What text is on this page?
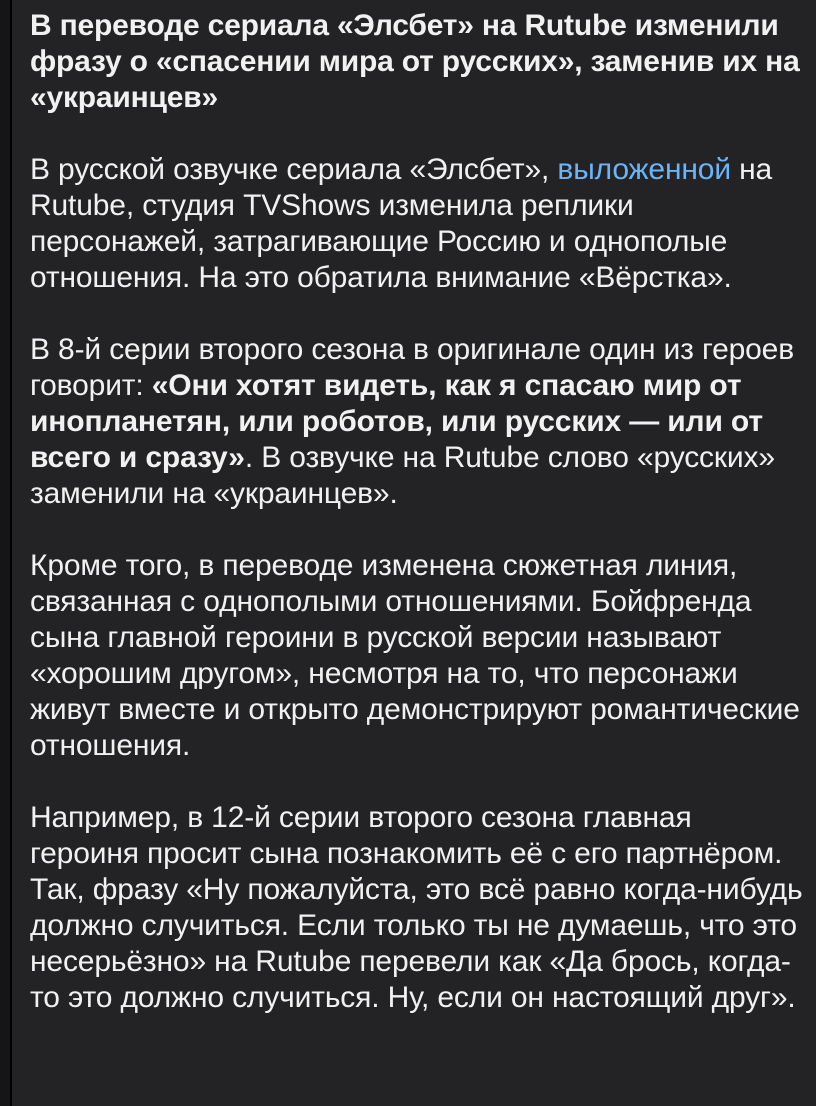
В переводе сериала «Элсбет» на Rutube изменили фразу о «спасении мира от русских», заменив их на «украинцев»
В русской озвучке сериала «Элсбет», выложенной на Rutube, студия TVShows изменила реплики персонажей, затрагивающие Россию и однополые отношения. На это обратила внимание «Вёрстка».
В 8-й серии второго сезона в оригинале один из героев говорит: «Они хотят видеть, как я спасаю мир от инопланетян, или роботов, или русских — или от всего и сразу». В озвучке на Rutube слово «русских» заменили на «украинцев».
Кроме того, в переводе изменена сюжетная линия, связанная с однополыми отношениями. Бойфренда сына главной героини в русской версии называют «хорошим другом», несмотря на то, что персонажи живут вместе и открыто демонстрируют романтические отношения.
Например, в 12-й серии второго сезона главная героиня просит сына познакомить её с его партнёром. Так, фразу «Ну пожалуйста, это всё равно когда-нибудь должно случиться. Если только ты не думаешь, что это несерьёзно» на Rutube перевели как «Да брось, когда-то это должно случиться. Ну, если он настоящий друг».
